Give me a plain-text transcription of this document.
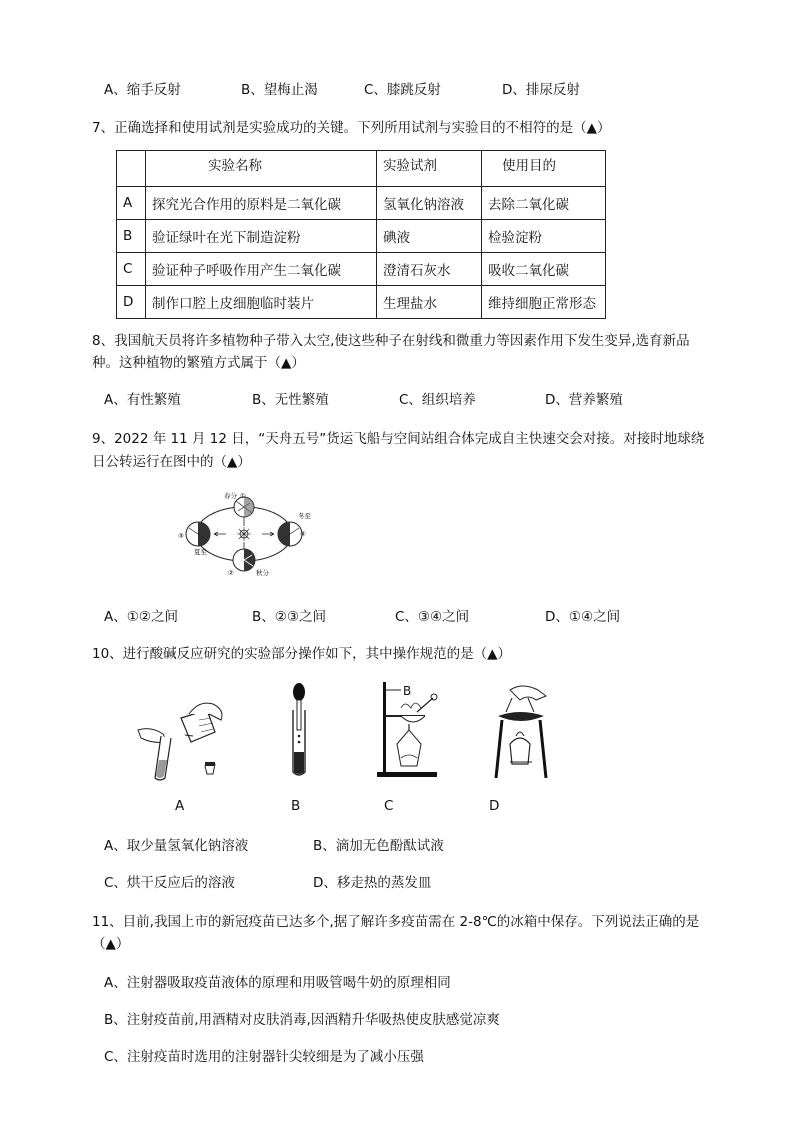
A、缩手反射	B、望梅止渴	C、膝跳反射	D、排尿反射
7、正确选择和使用试剂是实验成功的关键。下列所用试剂与实验目的不相符的是（▲）
	实验名称	实验试剂	使用目的
A	探究光合作用的原料是二氧化碳	氢氧化钠溶液	去除二氧化碳
B	验证绿叶在光下制造淀粉	碘液	检验淀粉
C	验证种子呼吸作用产生二氧化碳	澄清石灰水	吸收二氧化碳
D	制作口腔上皮细胞临时装片	生理盐水	维持细胞正常形态
8、我国航天员将许多植物种子带入太空,使这些种子在射线和微重力等因素作用下发生变异,选育新品
种。这种植物的繁殖方式属于（▲）
A、有性繁殖	B、无性繁殖	C、组织培养	D、营养繁殖
9、2022 年 11 月 12 日，“天舟五号”货运飞船与空间站组合体完成自主快速交会对接。对接时地球绕
日公转运行在图中的（▲）
春分 ①
冬至
④
③
夏至
②	秋分
A、①②之间	B、②③之间	C、③④之间	D、①④之间
10、进行酸碱反应研究的实验部分操作如下，其中操作规范的是（▲）
B
A	B	C	D
A、取少量氢氧化钠溶液	B、滴加无色酚酞试液
C、烘干反应后的溶液	D、移走热的蒸发皿
11、目前,我国上市的新冠疫苗已达多个,据了解许多疫苗需在 2-8℃的冰箱中保存。下列说法正确的是
（▲）
A、注射器吸取疫苗液体的原理和用吸管喝牛奶的原理相同
B、注射疫苗前,用酒精对皮肤消毒,因酒精升华吸热使皮肤感觉凉爽
C、注射疫苗时选用的注射器针尖较细是为了减小压强
